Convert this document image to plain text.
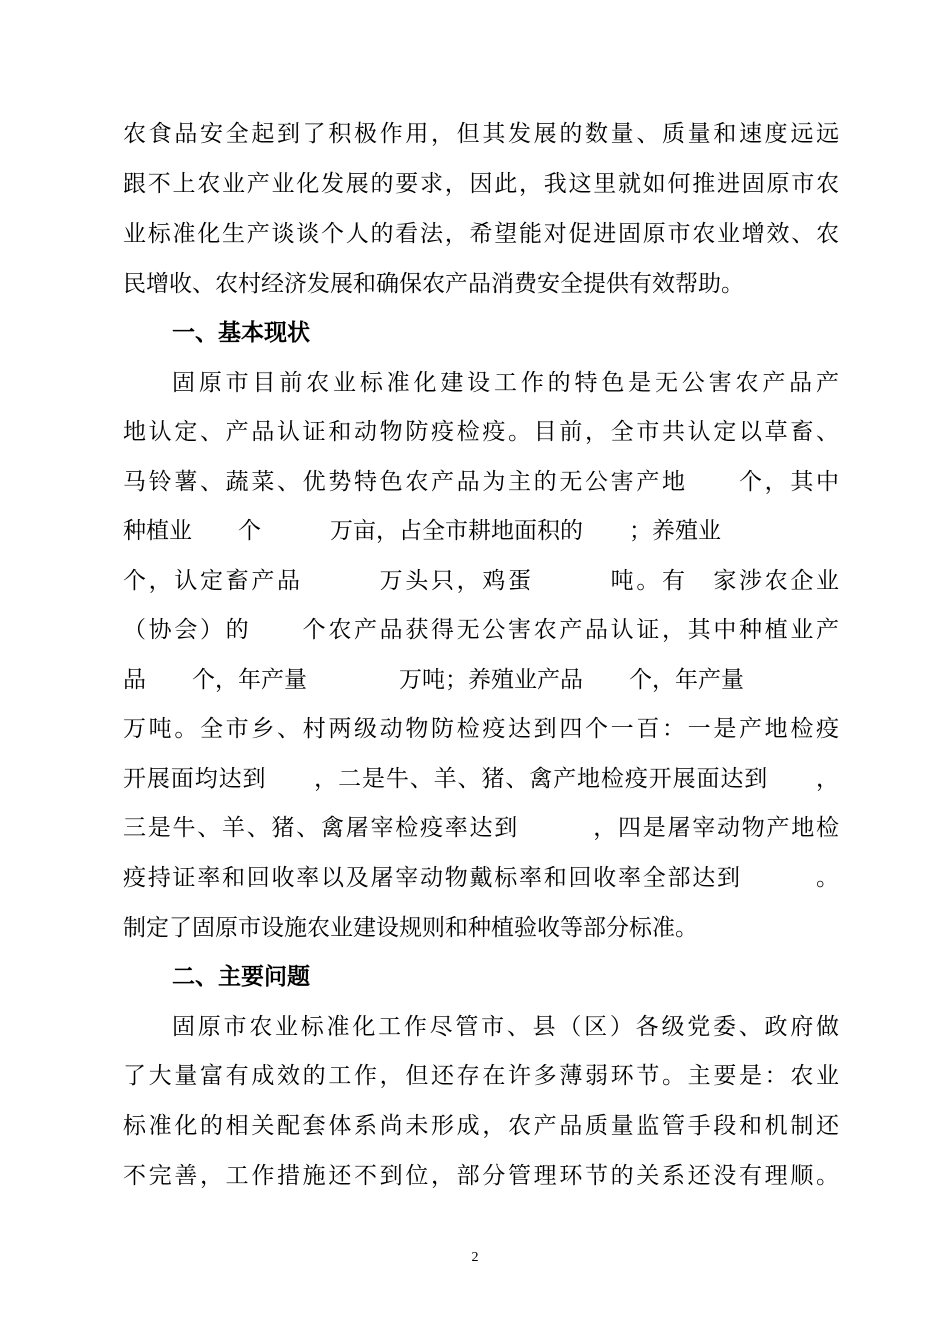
农食品安全起到了积极作用，但其发展的数量、质量和速度远远
跟不上农业产业化发展的要求，因此，我这里就如何推进固原市农
业标准化生产谈谈个人的看法，希望能对促进固原市农业增效、农
民增收、农村经济发展和确保农产品消费安全提供有效帮助。
一、基本现状
固原市目前农业标准化建设工作的特色是无公害农产品产
地认定、产品认证和动物防疫检疫。目前，全市共认定以草畜、
马铃薯、蔬菜、优势特色农产品为主的无公害产地　　个，其中
种植业　　个　　　万亩，占全市耕地面积的　　；养殖业
个，认定畜产品　　　万头只，鸡蛋　　　吨。有　家涉农企业
（协会）的　　个农产品获得无公害农产品认证，其中种植业产
品　　个，年产量　　　　万吨；养殖业产品　　个，年产量
万吨。全市乡、村两级动物防检疫达到四个一百：一是产地检疫
开展面均达到　　，二是牛、羊、猪、禽产地检疫开展面达到　　，
三是牛、羊、猪、禽屠宰检疫率达到　　　，四是屠宰动物产地检
疫持证率和回收率以及屠宰动物戴标率和回收率全部达到　　　。
制定了固原市设施农业建设规则和种植验收等部分标准。
二、主要问题
固原市农业标准化工作尽管市、县（区）各级党委、政府做
了大量富有成效的工作，但还存在许多薄弱环节。主要是：农业
标准化的相关配套体系尚未形成，农产品质量监管手段和机制还
不完善，工作措施还不到位，部分管理环节的关系还没有理顺。
2
